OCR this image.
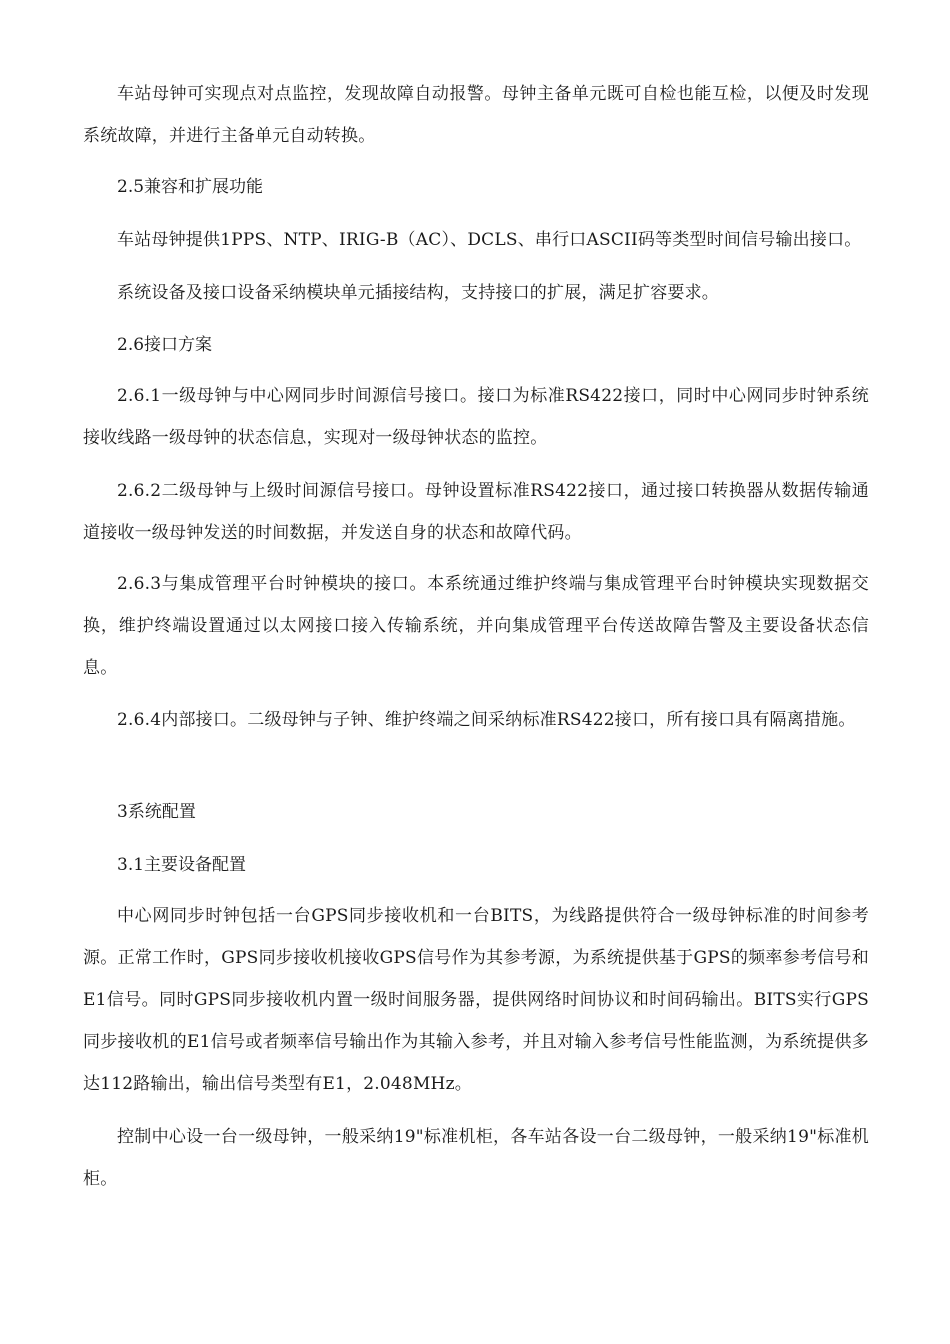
车站母钟可实现点对点监控，发现故障自动报警。母钟主备单元既可自检也能互检，以便及时发现系统故障，并进行主备单元自动转换。

2.5兼容和扩展功能

车站母钟提供1PPS、NTP、IRIG-B（AC）、DCLS、串行口ASCII码等类型时间信号输出接口。

系统设备及接口设备采纳模块单元插接结构，支持接口的扩展，满足扩容要求。

2.6接口方案

2.6.1一级母钟与中心网同步时间源信号接口。接口为标准RS422接口，同时中心网同步时钟系统接收线路一级母钟的状态信息，实现对一级母钟状态的监控。

2.6.2二级母钟与上级时间源信号接口。母钟设置标准RS422接口，通过接口转换器从数据传输通道接收一级母钟发送的时间数据，并发送自身的状态和故障代码。

2.6.3与集成管理平台时钟模块的接口。本系统通过维护终端与集成管理平台时钟模块实现数据交换，维护终端设置通过以太网接口接入传输系统，并向集成管理平台传送故障告警及主要设备状态信息。

2.6.4内部接口。二级母钟与子钟、维护终端之间采纳标准RS422接口，所有接口具有隔离措施。

3系统配置

3.1主要设备配置

中心网同步时钟包括一台GPS同步接收机和一台BITS，为线路提供符合一级母钟标准的时间参考源。正常工作时，GPS同步接收机接收GPS信号作为其参考源，为系统提供基于GPS的频率参考信号和E1信号。同时GPS同步接收机内置一级时间服务器，提供网络时间协议和时间码输出。BITS实行GPS同步接收机的E1信号或者频率信号输出作为其输入参考，并且对输入参考信号性能监测，为系统提供多达112路输出，输出信号类型有E1，2.048MHz。

控制中心设一台一级母钟，一般采纳19"标准机柜，各车站各设一台二级母钟，一般采纳19"标准机柜。
